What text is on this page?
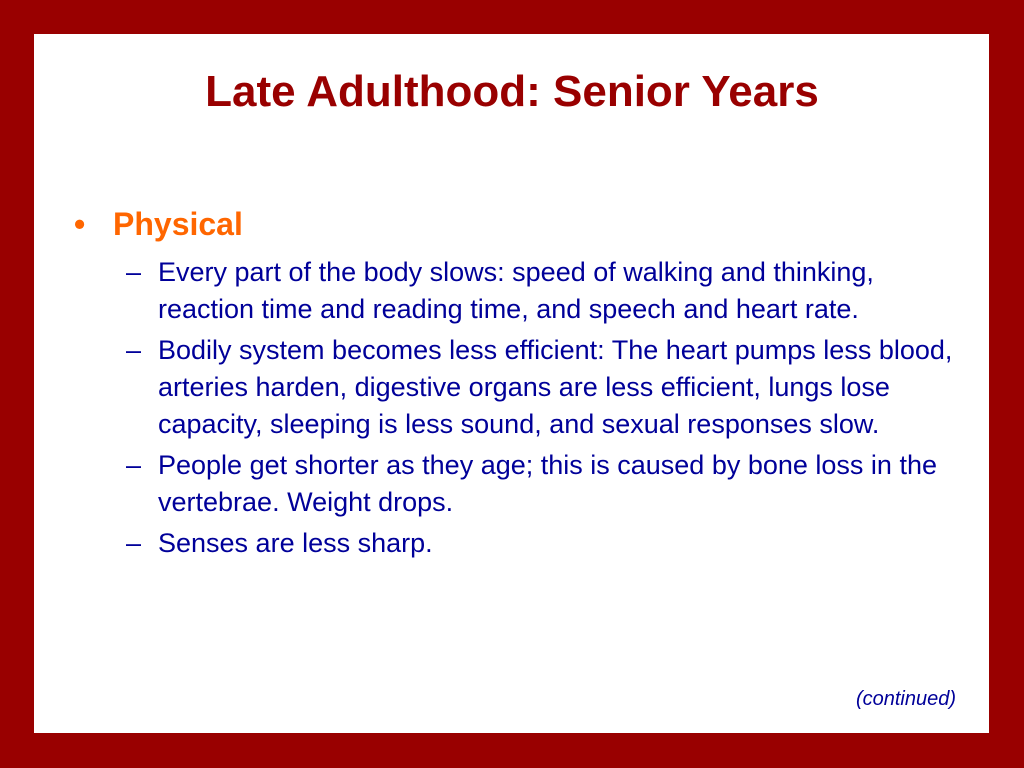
Late Adulthood: Senior Years
• Physical
– Every part of the body slows: speed of walking and thinking, reaction time and reading time, and speech and heart rate.
– Bodily system becomes less efficient: The heart pumps less blood, arteries harden, digestive organs are less efficient, lungs lose capacity, sleeping is less sound, and sexual responses slow.
– People get shorter as they age; this is caused by bone loss in the vertebrae. Weight drops.
– Senses are less sharp.
(continued)
